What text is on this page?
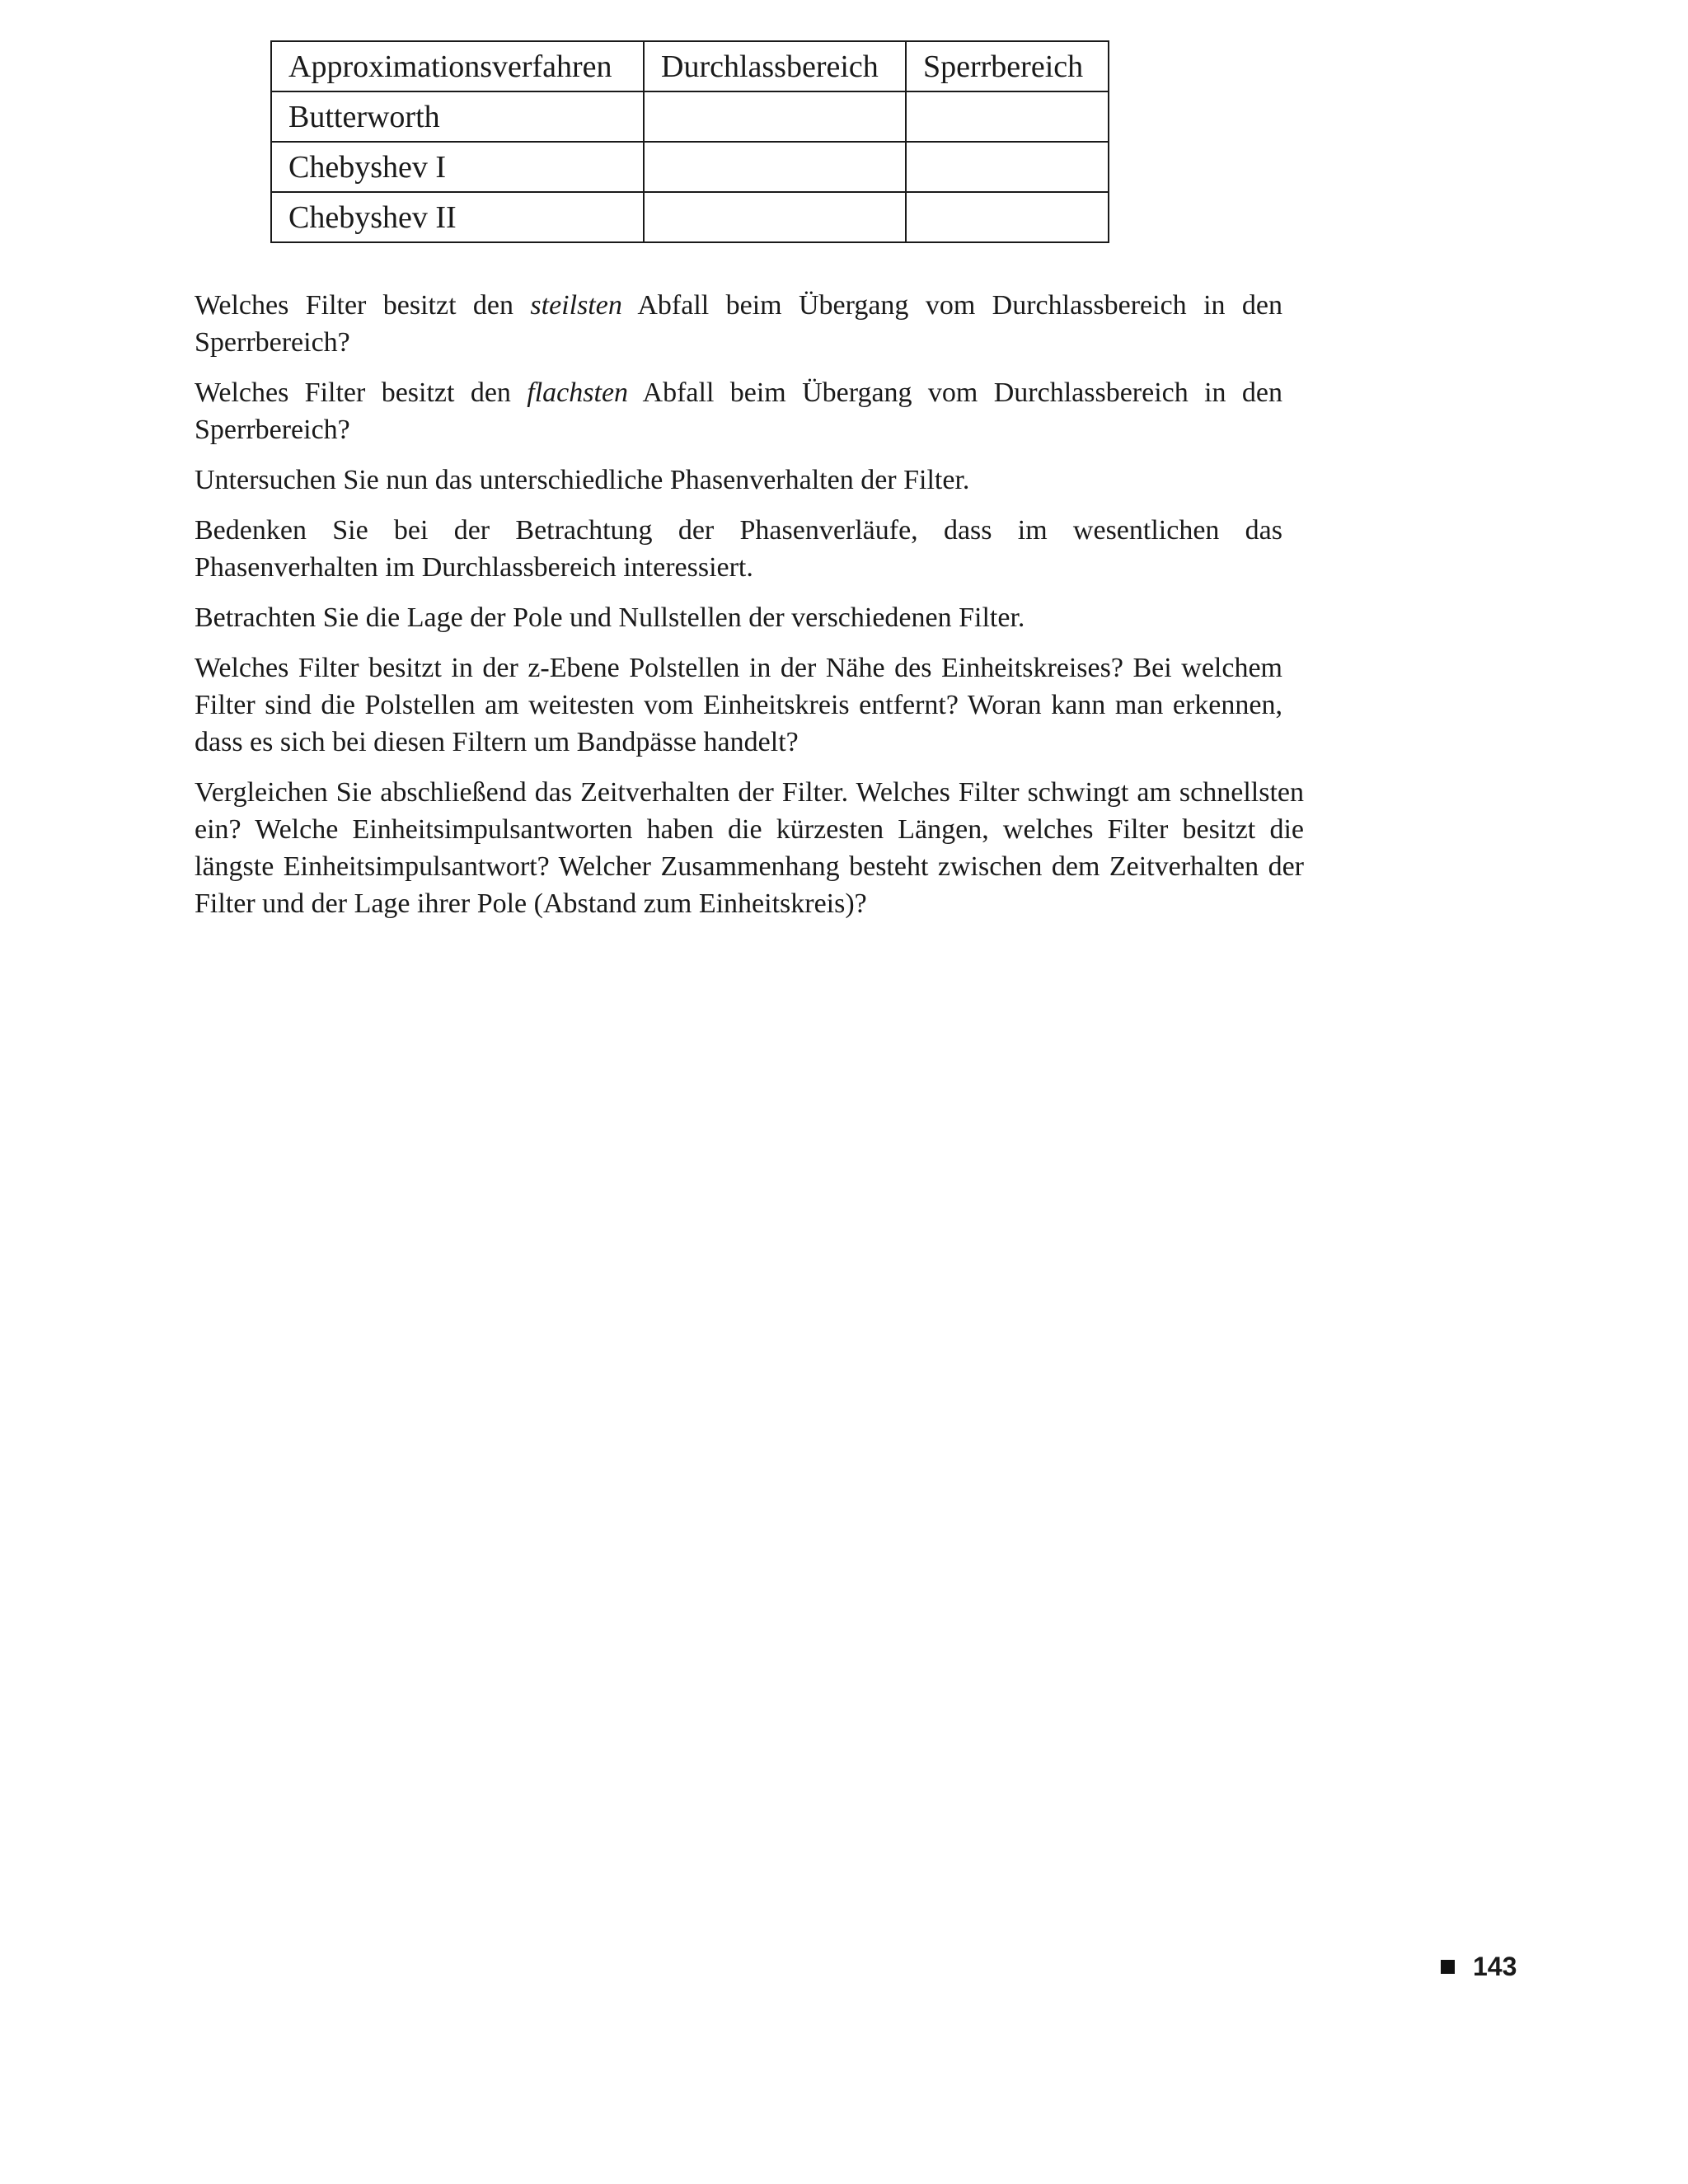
Approximationsverfahren	Durchlassbereich	Sperrbereich
Butterworth		
Chebyshev I		
Chebyshev II		

Welches Filter besitzt den steilsten Abfall beim Übergang vom Durchlassbereich in den Sperrbereich?

Welches Filter besitzt den flachsten Abfall beim Übergang vom Durchlassbereich in den Sperrbereich?

Untersuchen Sie nun das unterschiedliche Phasenverhalten der Filter.

Bedenken Sie bei der Betrachtung der Phasenverläufe, dass im wesentlichen das Phasenverhalten im Durchlassbereich interessiert.

Betrachten Sie die Lage der Pole und Nullstellen der verschiedenen Filter.

Welches Filter besitzt in der z-Ebene Polstellen in der Nähe des Einheitskreises? Bei welchem Filter sind die Polstellen am weitesten vom Einheitskreis entfernt? Woran kann man erkennen, dass es sich bei diesen Filtern um Bandpässe handelt?

Vergleichen Sie abschließend das Zeitverhalten der Filter. Welches Filter schwingt am schnellsten ein? Welche Einheitsimpulsantworten haben die kürzesten Längen, welches Filter besitzt die längste Einheitsimpulsantwort? Welcher Zusammenhang besteht zwischen dem Zeitverhalten der Filter und der Lage ihrer Pole (Abstand zum Einheitskreis)?

143
